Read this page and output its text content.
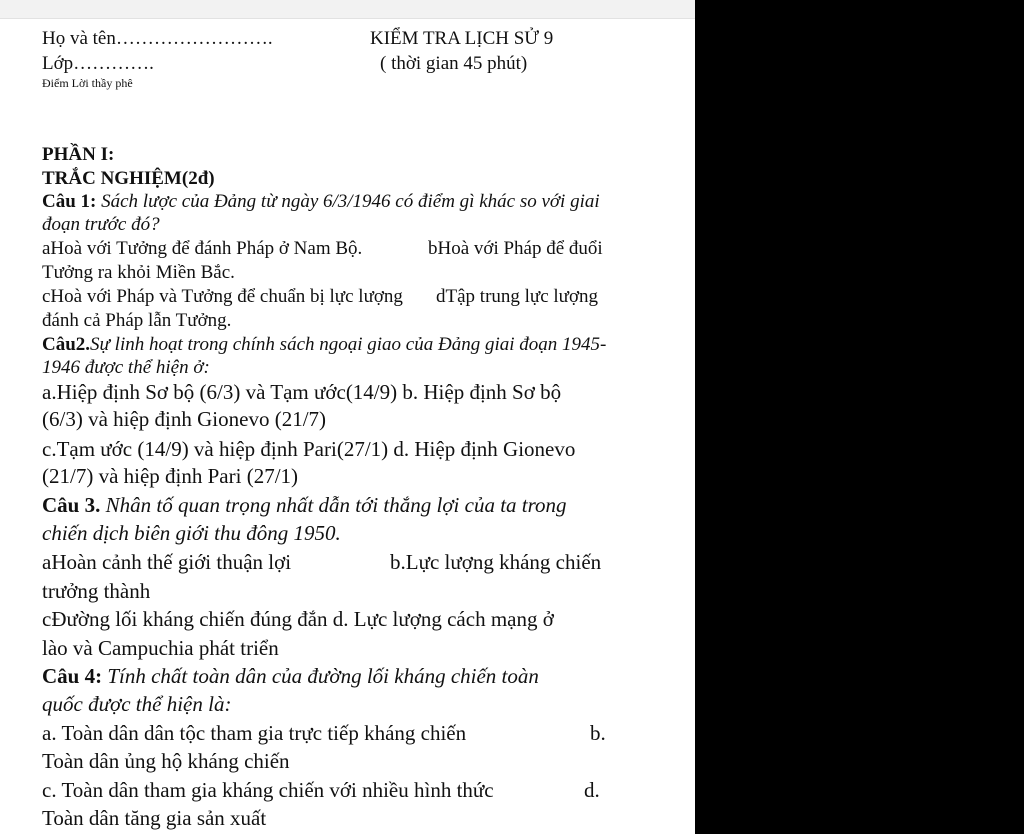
Họ và tên…………………….	KIỂM TRA LỊCH SỬ 9
Lớp………….	( thời gian 45 phút)
Điểm Lời thầy phê
PHẦN I:
TRẮC NGHIỆM(2đ)
Câu 1: Sách lược của Đảng từ ngày 6/3/1946 có điểm gì khác so với giai
đoạn trước đó?
aHoà với Tưởng để đánh Pháp ở Nam Bộ.	bHoà với Pháp để đuổi
Tưởng ra khỏi Miền Bắc.
cHoà với Pháp và Tưởng để chuẩn bị lực lượng dTập trung lực lượng
đánh cả Pháp lẫn Tưởng.
Câu2.Sự linh hoạt trong chính sách ngoại giao của Đảng giai đoạn 1945-
1946 được thể hiện ở:
a.Hiệp định Sơ bộ (6/3) và Tạm ước(14/9) b. Hiệp định Sơ bộ
(6/3) và hiệp định Gionevo (21/7)
c.Tạm ước (14/9) và hiệp định Pari(27/1) d. Hiệp định Gionevo
(21/7) và hiệp định Pari (27/1)
Câu 3. Nhân tố quan trọng nhất dẫn tới thắng lợi của ta trong
chiến dịch biên giới thu đông 1950.
aHoàn cảnh thế giới thuận lợi	b.Lực lượng kháng chiến
trưởng thành
cĐường lối kháng chiến đúng đắn d. Lực lượng cách mạng ở
lào và Campuchia phát triển
Câu 4: Tính chất toàn dân của đường lối kháng chiến toàn
quốc được thể hiện là:
a. Toàn dân dân tộc tham gia trực tiếp kháng chiến	b.
Toàn dân ủng hộ kháng chiến
c. Toàn dân tham gia kháng chiến với nhiều hình thức	d.
Toàn dân tăng gia sản xuất
